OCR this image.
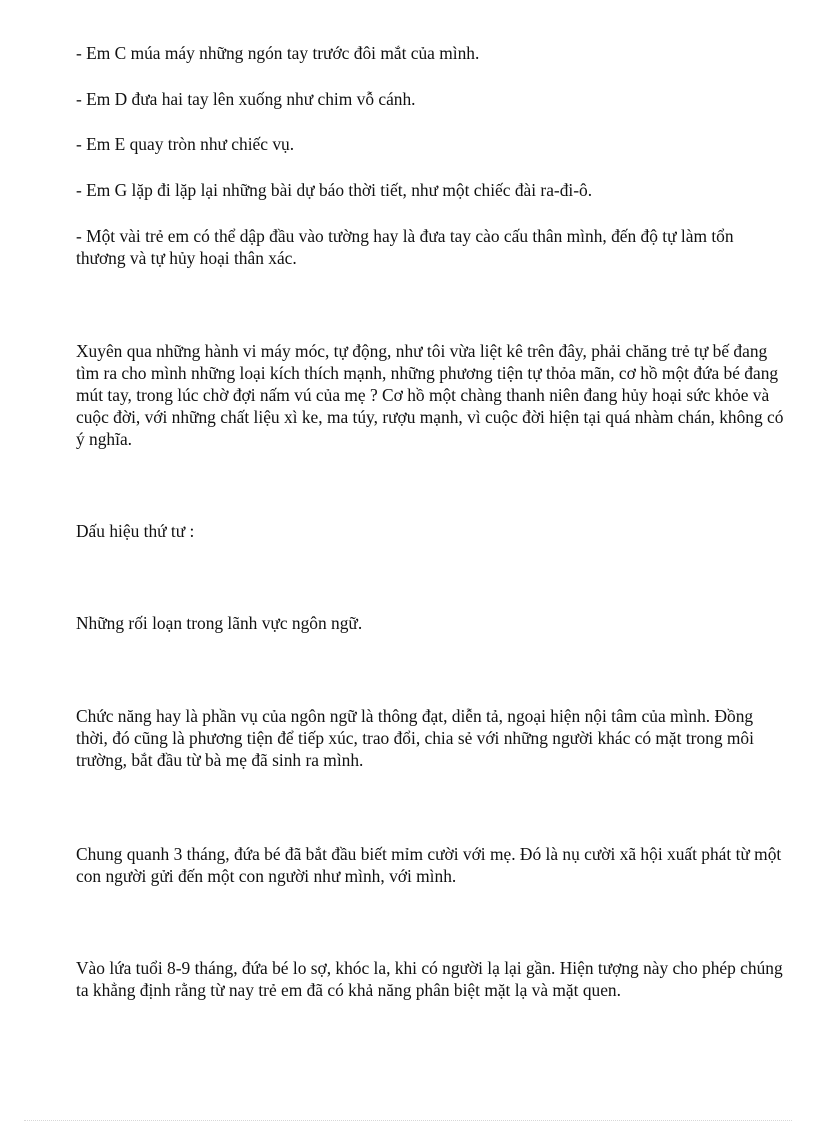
- Em C múa máy những ngón tay trước đôi mắt của mình.

- Em D đưa hai tay lên xuống như chim vỗ cánh.

- Em E quay tròn như chiếc vụ.

- Em G lặp đi lặp lại những bài dự báo thời tiết, như một chiếc đài ra-đi-ô.

- Một vài trẻ em có thể dập đầu vào tường hay là đưa tay cào cấu thân mình, đến độ tự làm tổn thương và tự hủy hoại thân xác.

Xuyên qua những hành vi máy móc, tự động, như tôi vừa liệt kê trên đây, phải chăng trẻ tự bế đang tìm ra cho mình những loại kích thích mạnh, những phương tiện tự thỏa mãn, cơ hồ một đứa bé đang mút tay, trong lúc chờ đợi nấm vú của mẹ ? Cơ hồ một chàng thanh niên đang hủy hoại sức khỏe và cuộc đời, với những chất liệu xì ke, ma túy, rượu mạnh, vì cuộc đời hiện tại quá nhàm chán, không có ý nghĩa.

Dấu hiệu thứ tư :

Những rối loạn trong lãnh vực ngôn ngữ.

Chức năng hay là phần vụ của ngôn ngữ là thông đạt, diễn tả, ngoại hiện nội tâm của mình. Đồng thời, đó cũng là phương tiện để tiếp xúc, trao đổi, chia sẻ với những người khác có mặt trong môi trường, bắt đầu từ bà mẹ đã sinh ra mình.

Chung quanh 3 tháng, đứa bé đã bắt đầu biết mỉm cười với mẹ. Đó là nụ cười xã hội xuất phát từ một con người gửi đến một con người như mình, với mình.

Vào lứa tuổi 8-9 tháng, đứa bé lo sợ, khóc la, khi có người lạ lại gần. Hiện tượng này cho phép chúng ta khẳng định rằng từ nay trẻ em đã có khả năng phân biệt mặt lạ và mặt quen.
